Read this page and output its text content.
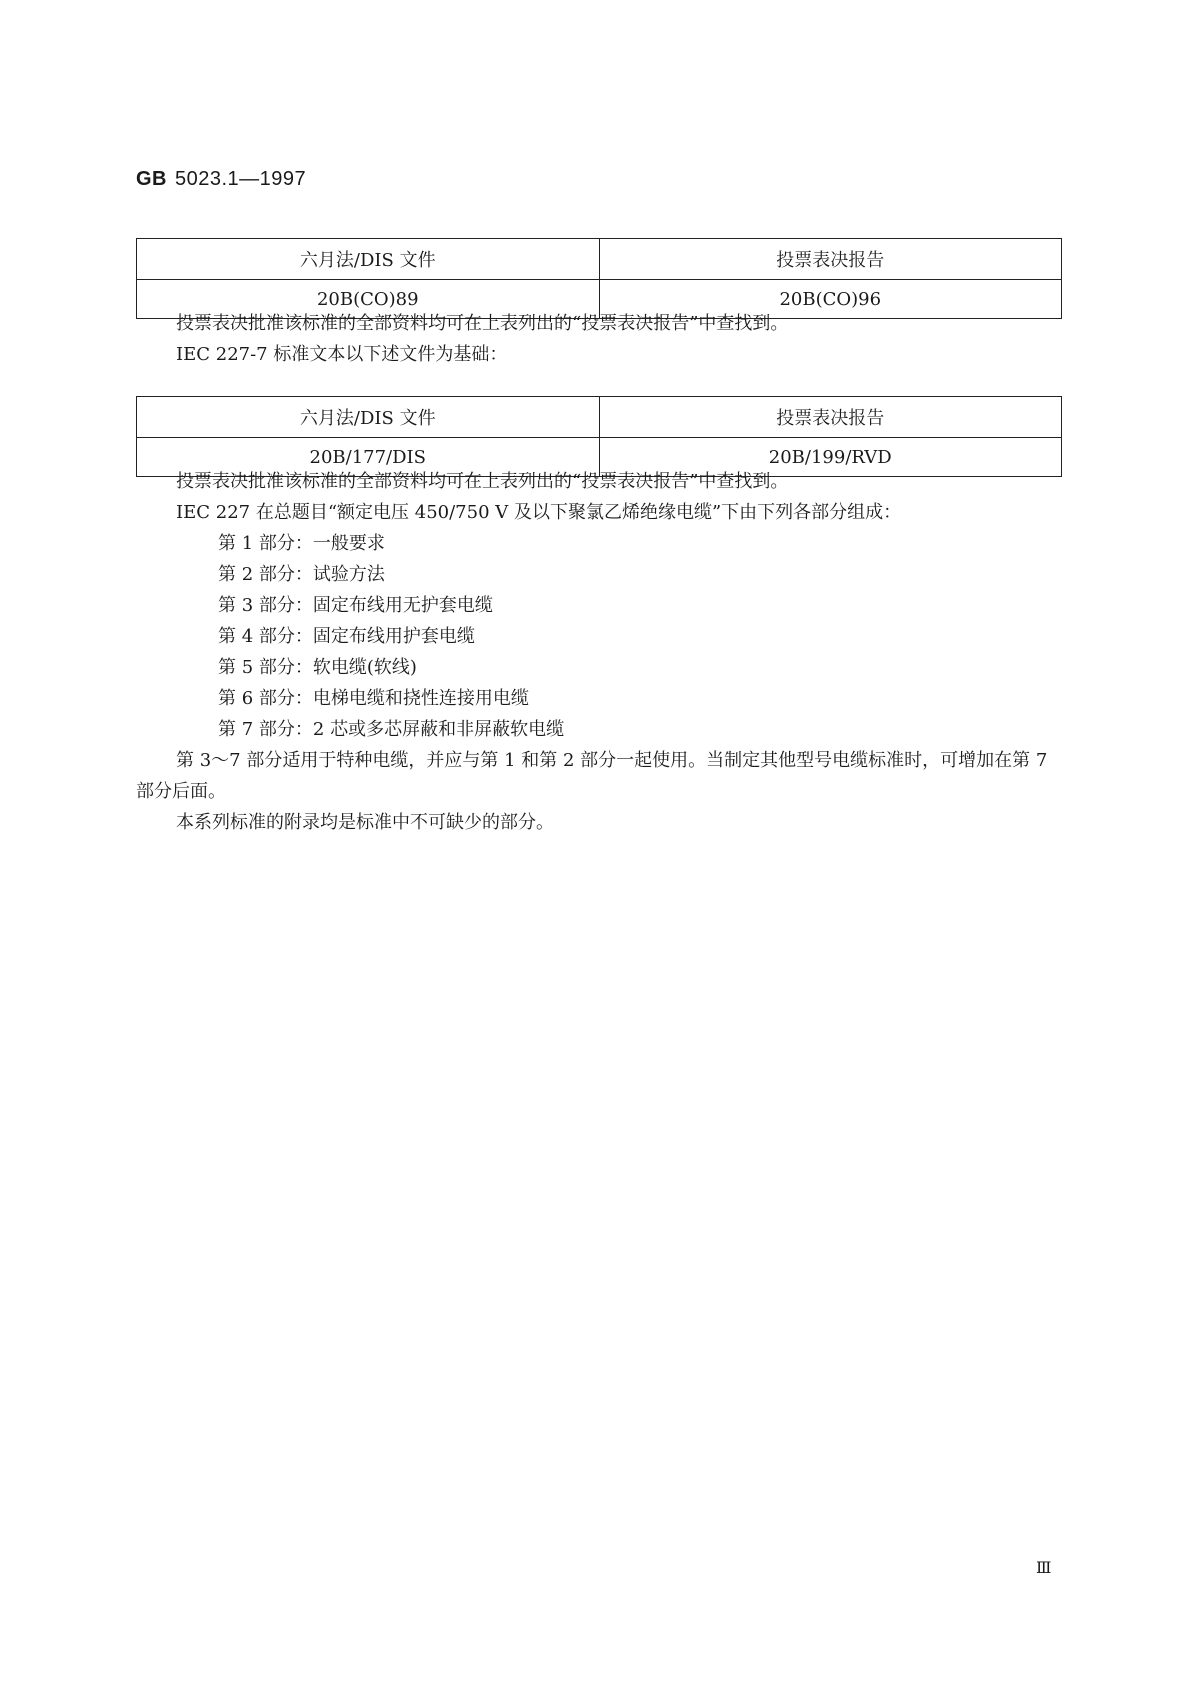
GB 5023.1—1997
六月法/DIS 文件	投票表决报告
20B(CO)89	20B(CO)96

投票表决批准该标准的全部资料均可在上表列出的“投票表决报告”中查找到。

IEC 227-7 标准文本以下述文件为基础：

六月法/DIS 文件	投票表决报告
20B/177/DIS	20B/199/RVD

投票表决批准该标准的全部资料均可在上表列出的“投票表决报告”中查找到。

IEC 227 在总题目“额定电压 450/750 V 及以下聚氯乙烯绝缘电缆”下由下列各部分组成：

第 1 部分：一般要求
第 2 部分：试验方法
第 3 部分：固定布线用无护套电缆
第 4 部分：固定布线用护套电缆
第 5 部分：软电缆(软线)
第 6 部分：电梯电缆和挠性连接用电缆
第 7 部分：2 芯或多芯屏蔽和非屏蔽软电缆

第 3～7 部分适用于特种电缆，并应与第 1 和第 2 部分一起使用。当制定其他型号电缆标准时，可增加在第 7 部分后面。

本系列标准的附录均是标准中不可缺少的部分。

Ⅲ
